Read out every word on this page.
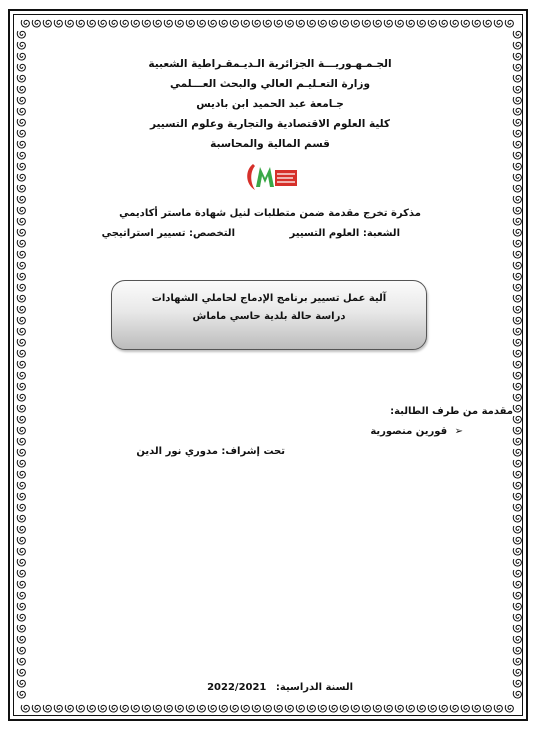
الجـمـهـوريـــة الجزائرية الـديـمقـراطية الشعبية
وزارة التعـليـم العالي والبحث العـــلمي
جـامعة عبد الحميد ابن باديس
كلية العلوم الاقتصادية والتجارية وعلوم التسيير
قسم المالية والمحاسبة
مذكرة تخرج مقدمة ضمن متطلبات لنيل شهادة ماستر أكاديمي
الشعبة: العلوم التسيير
التخصص: تسيير استراتيجي
آلية عمل تسيير برنامج الإدماج لحاملي الشهادات
دراسة حالة بلدية حاسي ماماش
مقدمة من طرف الطالبة:
➢ قورين منصورية
تحت إشراف: مدوري نور الدين
السنة الدراسية: 2022/2021
